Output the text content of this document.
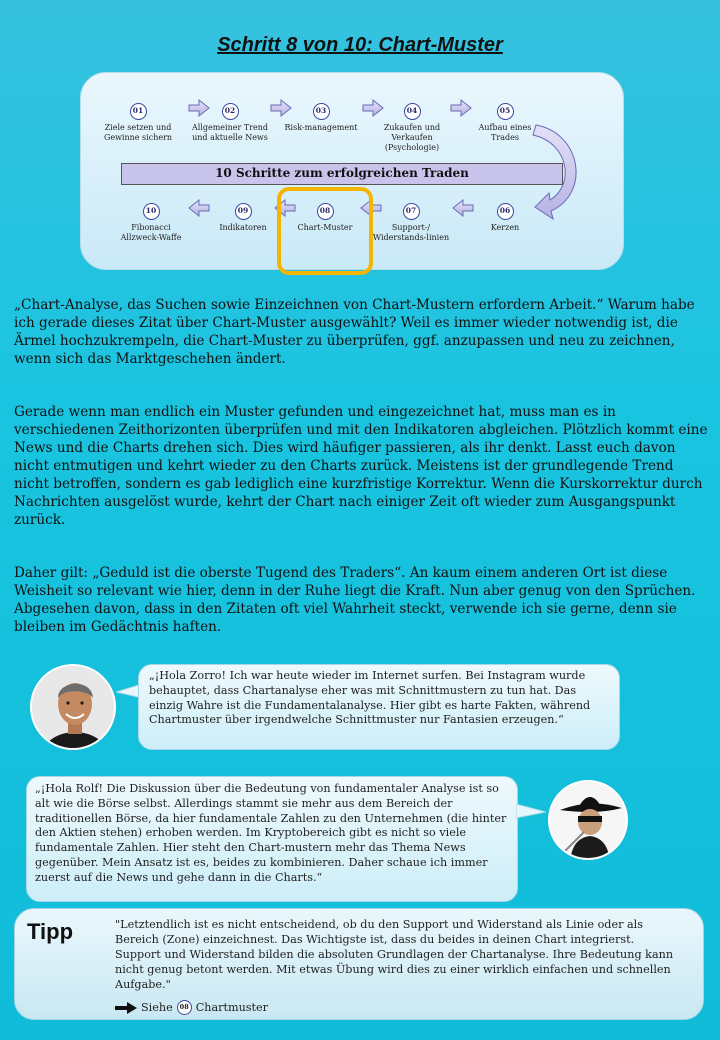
Schritt 8 von 10: Chart-Muster
01
Ziele setzen und Gewinne sichern
02
Allgemeiner Trend und aktuelle News
03
Risk-management
04
Zukaufen und Verkaufen (Psychologie)
05
Aufbau eines Trades
10 Schritte zum erfolgreichen Traden
06
Kerzen
07
Support-/ Widerstands-linien
08
Chart-Muster
09
Indikatoren
10
Fibonacci Allzweck-Waffe
„Chart-Analyse, das Suchen sowie Einzeichnen von Chart-Mustern erfordern Arbeit.“ Warum habe ich gerade dieses Zitat über Chart-Muster ausgewählt? Weil es immer wieder notwendig ist, die Ärmel hochzukrempeln, die Chart-Muster zu überprüfen, ggf. anzupassen und neu zu zeichnen, wenn sich das Marktgeschehen ändert.
Gerade wenn man endlich ein Muster gefunden und eingezeichnet hat, muss man es in verschiedenen Zeithorizonten überprüfen und mit den Indikatoren abgleichen. Plötzlich kommt eine News und die Charts drehen sich. Dies wird häufiger passieren, als ihr denkt. Lasst euch davon nicht entmutigen und kehrt wieder zu den Charts zurück. Meistens ist der grundlegende Trend nicht betroffen, sondern es gab lediglich eine kurzfristige Korrektur. Wenn die Kurskorrektur durch Nachrichten ausgelöst wurde, kehrt der Chart nach einiger Zeit oft wieder zum Ausgangspunkt zurück.
Daher gilt: „Geduld ist die oberste Tugend des Traders“. An kaum einem anderen Ort ist diese Weisheit so relevant wie hier, denn in der Ruhe liegt die Kraft. Nun aber genug von den Sprüchen. Abgesehen davon, dass in den Zitaten oft viel Wahrheit steckt, verwende ich sie gerne, denn sie bleiben im Gedächtnis haften.
„¡Hola Zorro! Ich war heute wieder im Internet surfen. Bei Instagram wurde behauptet, dass Chartanalyse eher was mit Schnittmustern zu tun hat. Das einzig Wahre ist die Fundamentalanalyse. Hier gibt es harte Fakten, während Chartmuster über irgendwelche Schnittmuster nur Fantasien erzeugen.“
„¡Hola Rolf! Die Diskussion über die Bedeutung von fundamentaler Analyse ist so alt wie die Börse selbst. Allerdings stammt sie mehr aus dem Bereich der traditionellen Börse, da hier fundamentale Zahlen zu den Unternehmen (die hinter den Aktien stehen) erhoben werden. Im Kryptobereich gibt es nicht so viele fundamentale Zahlen. Hier steht den Chart-mustern mehr das Thema News gegenüber. Mein Ansatz ist es, beides zu kombinieren. Daher schaue ich immer zuerst auf die News und gehe dann in die Charts.“
Tipp	"Letztendlich ist es nicht entscheidend, ob du den Support und Widerstand als Linie oder als Bereich (Zone) einzeichnest. Das Wichtigste ist, dass du beides in deinen Chart integrierst. Support und Widerstand bilden die absoluten Grundlagen der Chartanalyse. Ihre Bedeutung kann nicht genug betont werden. Mit etwas Übung wird dies zu einer wirklich einfachen und schnellen Aufgabe."
Siehe	08 Chartmuster
